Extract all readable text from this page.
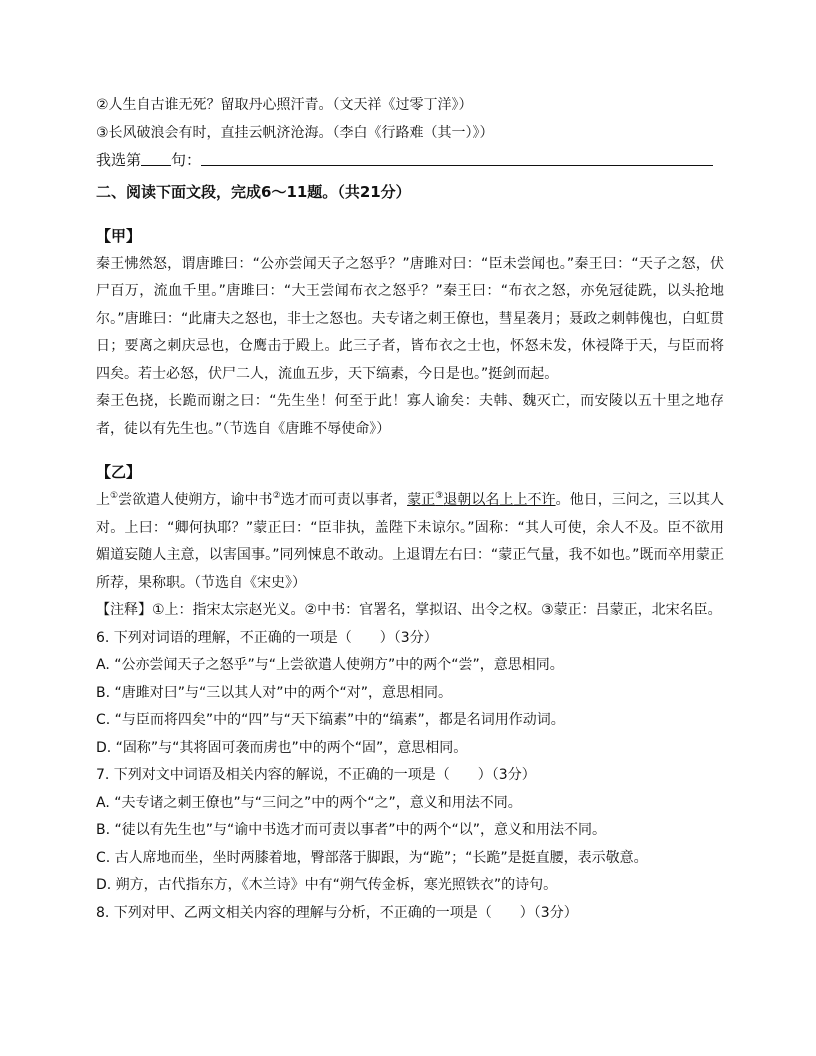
②人生自古谁无死？留取丹心照汗青。（文天祥《过零丁洋》）
③长风破浪会有时，直挂云帆济沧海。（李白《行路难（其一）》）
我选第 句：
二、阅读下面文段，完成6～11题。（共21分）
【甲】
秦王怫然怒，谓唐雎曰：“公亦尝闻天子之怒乎？”唐雎对曰：“臣未尝闻也。”秦王曰：“天子之怒，伏尸百万，流血千里。”唐雎曰：“大王尝闻布衣之怒乎？”秦王曰：“布衣之怒，亦免冠徒跣，以头抢地尔。”唐雎曰：“此庸夫之怒也，非士之怒也。夫专诸之刺王僚也，彗星袭月；聂政之刺韩傀也，白虹贯日；要离之刺庆忌也，仓鹰击于殿上。此三子者，皆布衣之士也，怀怒未发，休祲降于天，与臣而将四矣。若士必怒，伏尸二人，流血五步，天下缟素，今日是也。”挺剑而起。
秦王色挠，长跪而谢之曰：“先生坐！何至于此！寡人谕矣：夫韩、魏灭亡，而安陵以五十里之地存者，徒以有先生也。”（节选自《唐雎不辱使命》）
【乙】
上①尝欲遣人使朔方，谕中书②选才而可责以事者，蒙正③退朝以名上上不许。他日，三问之，三以其人对。上曰：“卿何执耶？”蒙正曰：“臣非执，盖陛下未谅尔。”固称：“其人可使，余人不及。臣不欲用媚道妄随人主意，以害国事。”同列悚息不敢动。上退谓左右曰：“蒙正气量，我不如也。”既而卒用蒙正所荐，果称职。（节选自《宋史》）
【注释】①上：指宋太宗赵光义。②中书：官署名，掌拟诏、出令之权。③蒙正：吕蒙正，北宋名臣。
6. 下列对词语的理解，不正确的一项是（　　）（3分）
A. “公亦尝闻天子之怒乎”与“上尝欲遣人使朔方”中的两个“尝”，意思相同。
B. “唐雎对曰”与“三以其人对”中的两个“对”，意思相同。
C. “与臣而将四矣”中的“四”与“天下缟素”中的“缟素”，都是名词用作动词。
D. “固称”与“其将固可袭而虏也”中的两个“固”，意思相同。
7. 下列对文中词语及相关内容的解说，不正确的一项是（　　）（3分）
A. “夫专诸之刺王僚也”与“三问之”中的两个“之”，意义和用法不同。
B. “徒以有先生也”与“谕中书选才而可责以事者”中的两个“以”，意义和用法不同。
C. 古人席地而坐，坐时两膝着地，臀部落于脚跟，为“跪”；“长跪”是挺直腰，表示敬意。
D. 朔方，古代指东方，《木兰诗》中有“朔气传金柝，寒光照铁衣”的诗句。
8. 下列对甲、乙两文相关内容的理解与分析，不正确的一项是（　　）（3分）
